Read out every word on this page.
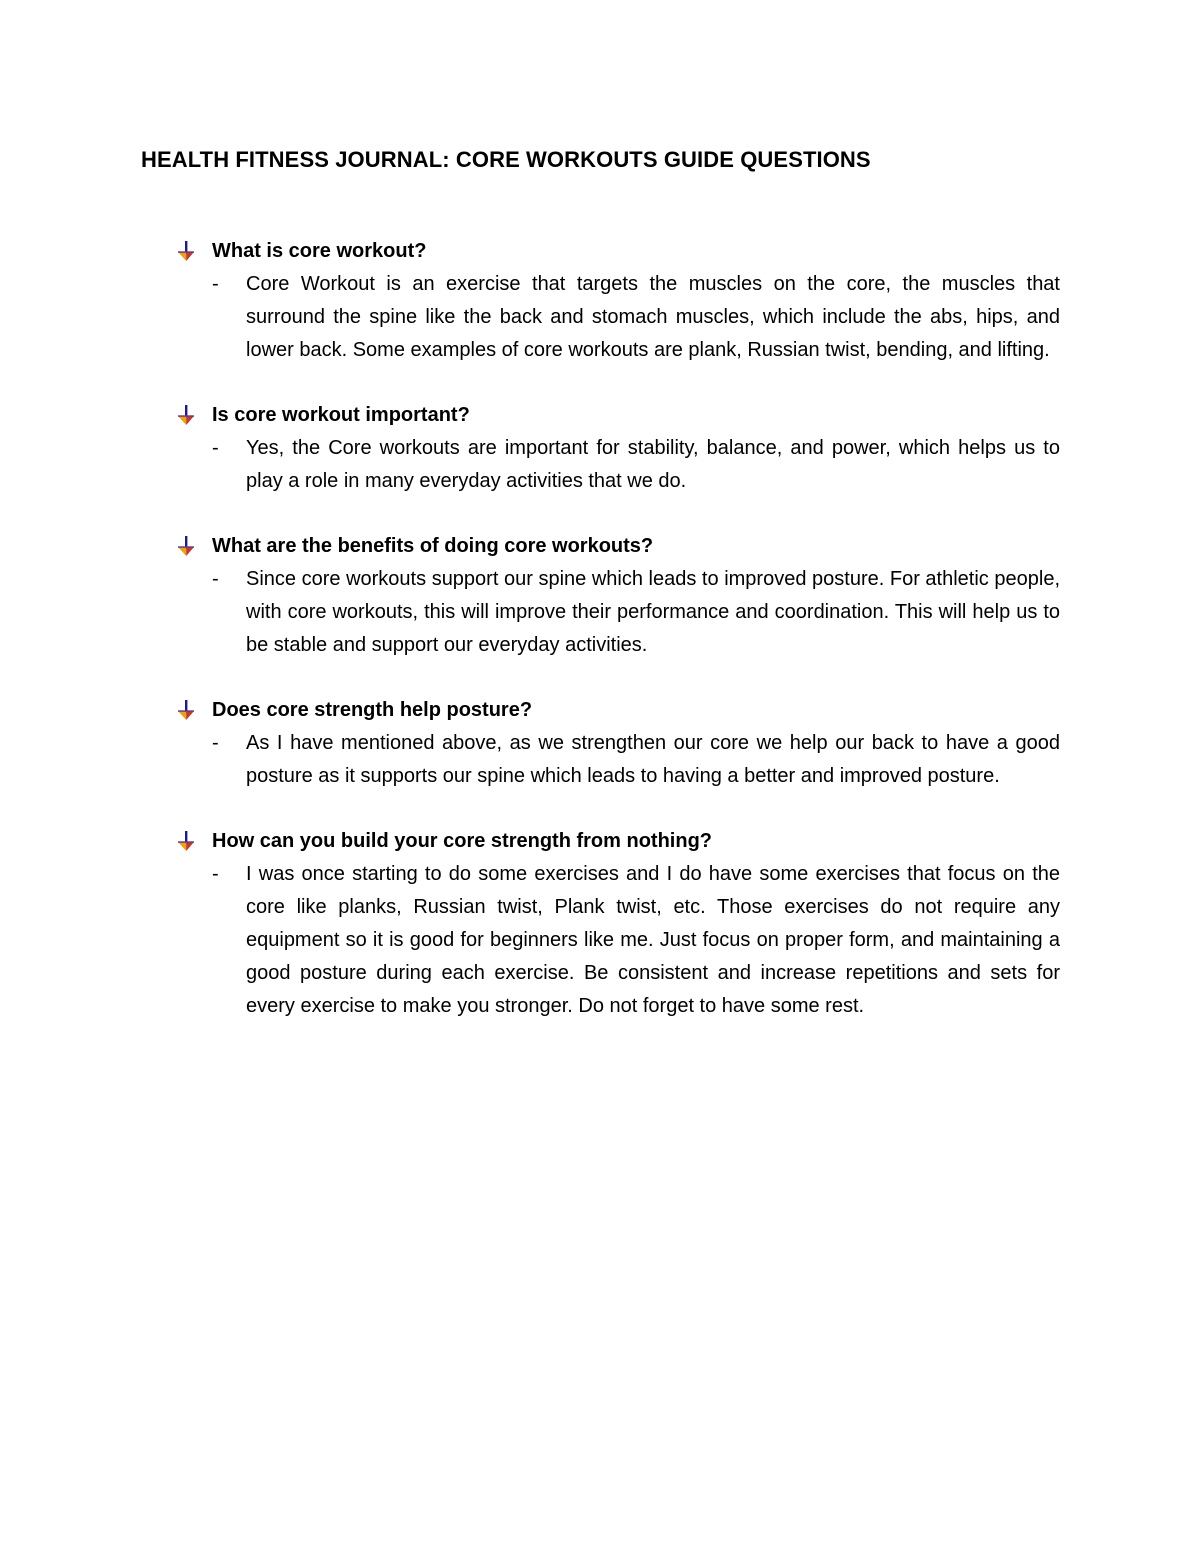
HEALTH FITNESS JOURNAL: CORE WORKOUTS GUIDE QUESTIONS
What is core workout?
-	Core Workout is an exercise that targets the muscles on the core, the muscles that surround the spine like the back and stomach muscles, which include the abs, hips, and lower back. Some examples of core workouts are plank, Russian twist, bending, and lifting.

Is core workout important?
-	Yes, the Core workouts are important for stability, balance, and power, which helps us to play a role in many everyday activities that we do.

What are the benefits of doing core workouts?
-	Since core workouts support our spine which leads to improved posture. For athletic people, with core workouts, this will improve their performance and coordination. This will help us to be stable and support our everyday activities.

Does core strength help posture?
-	As I have mentioned above, as we strengthen our core we help our back to have a good posture as it supports our spine which leads to having a better and improved posture.

How can you build your core strength from nothing?
-	I was once starting to do some exercises and I do have some exercises that focus on the core like planks, Russian twist, Plank twist, etc. Those exercises do not require any equipment so it is good for beginners like me. Just focus on proper form, and maintaining a good posture during each exercise. Be consistent and increase repetitions and sets for every exercise to make you stronger. Do not forget to have some rest.
